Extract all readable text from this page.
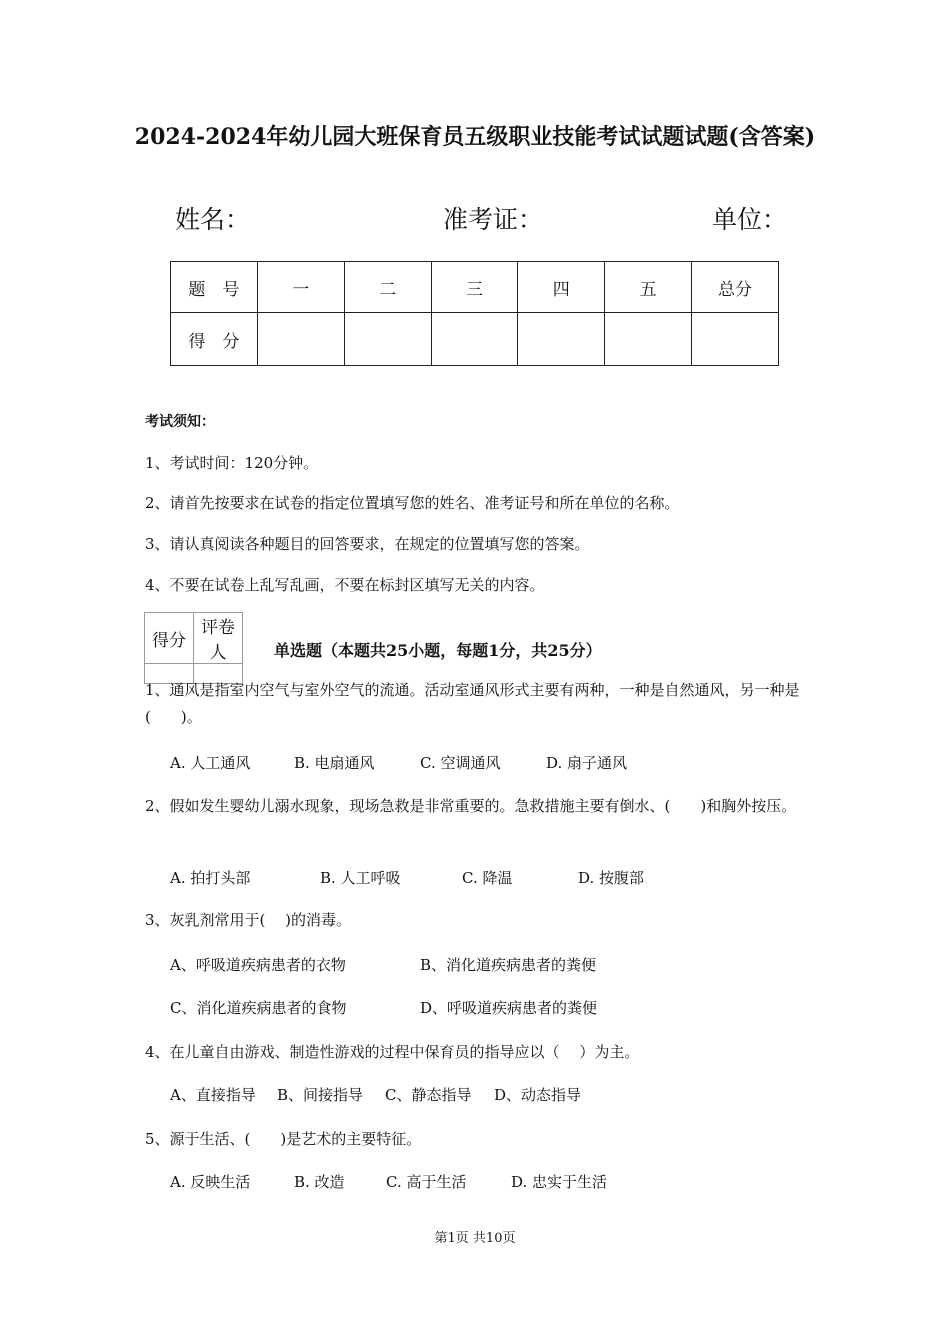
2024-2024年幼儿园大班保育员五级职业技能考试试题试题(含答案)
姓名：	准考证：	单位：
题　号	一	二	三	四	五	总分
得　分						
考试须知：
1、考试时间：120分钟。
2、请首先按要求在试卷的指定位置填写您的姓名、准考证号和所在单位的名称。
3、请认真阅读各种题目的回答要求，在规定的位置填写您的答案。
4、不要在试卷上乱写乱画，不要在标封区填写无关的内容。
得分	评卷人
		单选题（本题共25小题，每题1分，共25分）
1、通风是指室内空气与室外空气的流通。活动室通风形式主要有两种，一种是自然通风，另一种是(　　)。
A. 人工通风	B. 电扇通风	C. 空调通风	D. 扇子通风
2、假如发生婴幼儿溺水现象，现场急救是非常重要的。急救措施主要有倒水、(　　)和胸外按压。
A. 拍打头部	B. 人工呼吸	C. 降温	D. 按腹部
3、灰乳剂常用于(　 )的消毒。
A、呼吸道疾病患者的衣物	B、消化道疾病患者的粪便
C、消化道疾病患者的食物	D、呼吸道疾病患者的粪便
4、在儿童自由游戏、制造性游戏的过程中保育员的指导应以（　 ）为主。
A、直接指导 B、间接指导 C、静态指导 D、动态指导
5、源于生活、(　　)是艺术的主要特征。
A. 反映生活	B. 改造	C. 高于生活	D. 忠实于生活
第1页 共10页
